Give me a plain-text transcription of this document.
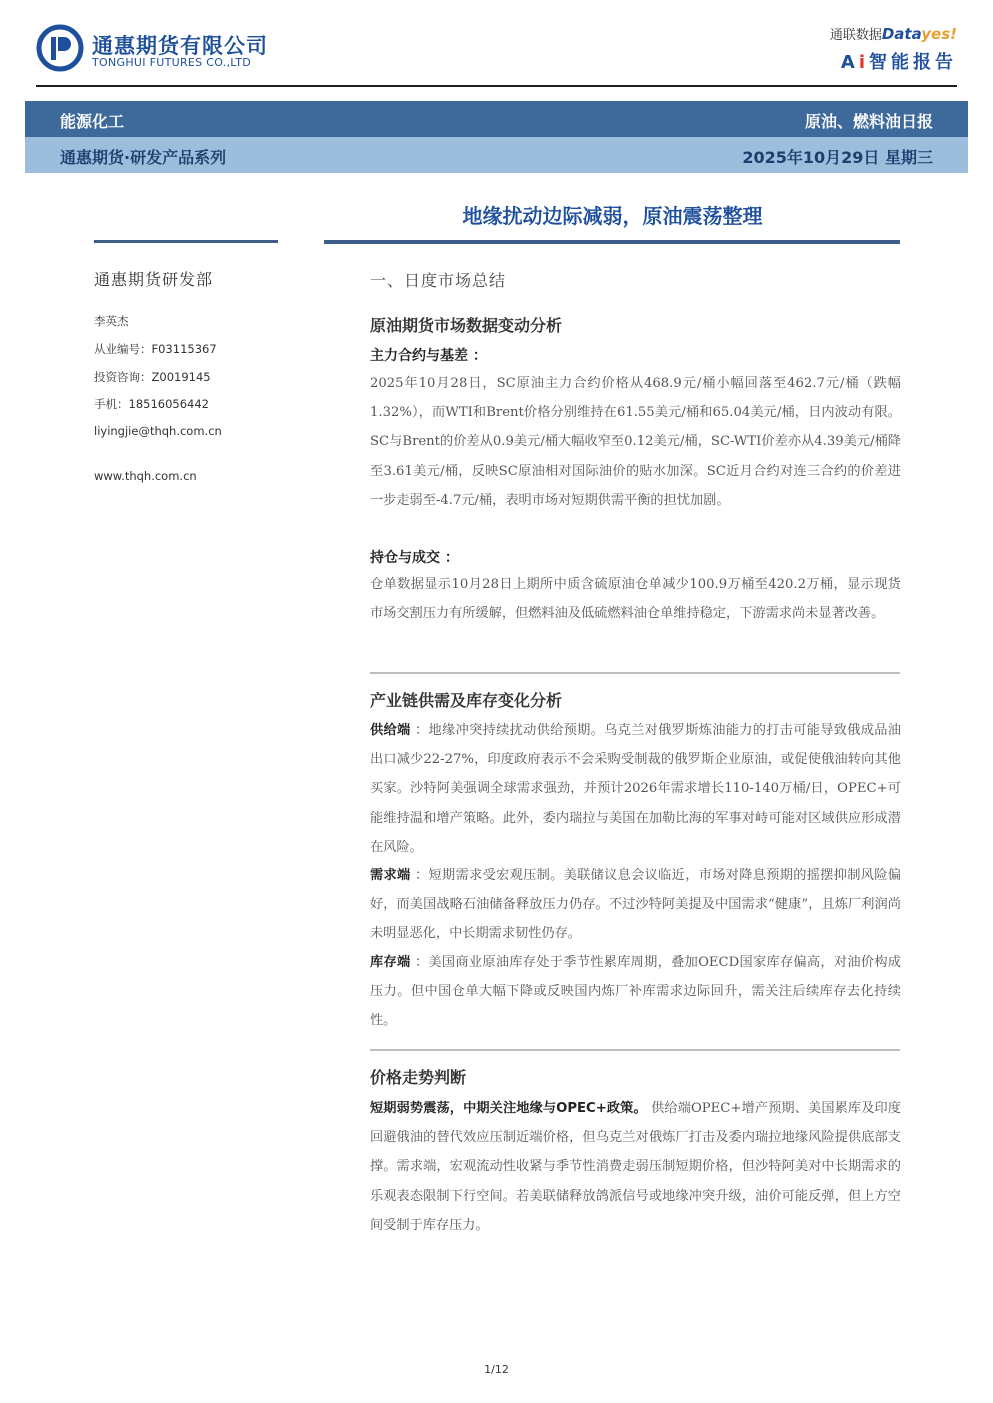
通惠期货有限公司
TONGHUI FUTURES CO.,LTD
通联数据Datayes!
Ai智能报告
能源化工	原油、燃料油日报
通惠期货·研发产品系列	2025年10月29日 星期三
地缘扰动边际减弱，原油震荡整理
通惠期货研发部
李英杰
从业编号：F03115367
投资咨询：Z0019145
手机：18516056442
liyingjie@thqh.com.cn
www.thqh.com.cn
一、日度市场总结
原油期货市场数据变动分析
主力合约与基差 ：
2025年10月28日，SC原油主力合约价格从468.9元/桶小幅回落至462.7元/桶（跌幅1.32%），而WTI和Brent价格分别维持在61.55美元/桶和65.04美元/桶，日内波动有限。SC与Brent的价差从0.9美元/桶大幅收窄至0.12美元/桶，SC-WTI价差亦从4.39美元/桶降至3.61美元/桶，反映SC原油相对国际油价的贴水加深。SC近月合约对连三合约的价差进一步走弱至-4.7元/桶，表明市场对短期供需平衡的担忧加剧。
持仓与成交 ：
仓单数据显示10月28日上期所中质含硫原油仓单减少100.9万桶至420.2万桶，显示现货市场交割压力有所缓解，但燃料油及低硫燃料油仓单维持稳定，下游需求尚未显著改善。
产业链供需及库存变化分析
供给端 ：地缘冲突持续扰动供给预期。乌克兰对俄罗斯炼油能力的打击可能导致俄成品油出口减少22-27%，印度政府表示不会采购受制裁的俄罗斯企业原油，或促使俄油转向其他买家。沙特阿美强调全球需求强劲，并预计2026年需求增长110-140万桶/日，OPEC+可能维持温和增产策略。此外，委内瑞拉与美国在加勒比海的军事对峙可能对区域供应形成潜在风险。
需求端 ：短期需求受宏观压制。美联储议息会议临近，市场对降息预期的摇摆抑制风险偏好，而美国战略石油储备释放压力仍存。不过沙特阿美提及中国需求“健康”，且炼厂利润尚未明显恶化，中长期需求韧性仍存。
库存端 ：美国商业原油库存处于季节性累库周期，叠加OECD国家库存偏高，对油价构成压力。但中国仓单大幅下降或反映国内炼厂补库需求边际回升，需关注后续库存去化持续性。
价格走势判断
短期弱势震荡，中期关注地缘与OPEC+政策。 供给端OPEC+增产预期、美国累库及印度回避俄油的替代效应压制近端价格，但乌克兰对俄炼厂打击及委内瑞拉地缘风险提供底部支撑。需求端，宏观流动性收紧与季节性消费走弱压制短期价格，但沙特阿美对中长期需求的乐观表态限制下行空间。若美联储释放鸽派信号或地缘冲突升级，油价可能反弹，但上方空间受制于库存压力。
1/12
